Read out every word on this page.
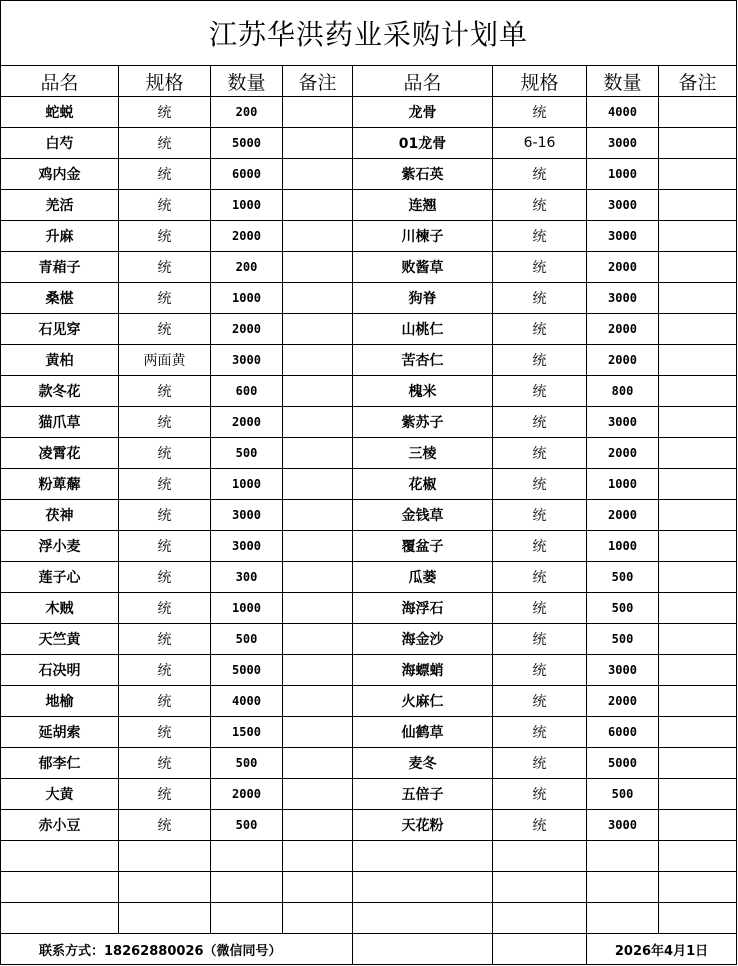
江苏华洪药业采购计划单							
品名	规格	数量	备注	品名	规格	数量	备注
蛇蜕	统	200		龙骨	统	4000	
白芍	统	5000		01龙骨	6-16	3000	
鸡内金	统	6000		紫石英	统	1000	
羌活	统	1000		连翘	统	3000	
升麻	统	2000		川楝子	统	3000	
青葙子	统	200		败酱草	统	2000	
桑椹	统	1000		狗脊	统	3000	
石见穿	统	2000		山桃仁	统	2000	
黄柏	两面黄	3000		苦杏仁	统	2000	
款冬花	统	600		槐米	统	800	
猫爪草	统	2000		紫苏子	统	3000	
凌霄花	统	500		三棱	统	2000	
粉萆薢	统	1000		花椒	统	1000	
茯神	统	3000		金钱草	统	2000	
浮小麦	统	3000		覆盆子	统	1000	
莲子心	统	300		瓜蒌	统	500	
木贼	统	1000		海浮石	统	500	
天竺黄	统	500		海金沙	统	500	
石决明	统	5000		海螵蛸	统	3000	
地榆	统	4000		火麻仁	统	2000	
延胡索	统	1500		仙鹤草	统	6000	
郁李仁	统	500		麦冬	统	5000	
大黄	统	2000		五倍子	统	500	
赤小豆	统	500		天花粉	统	3000	

联系方式：18262880026（微信同号）						2026年4月1日	
